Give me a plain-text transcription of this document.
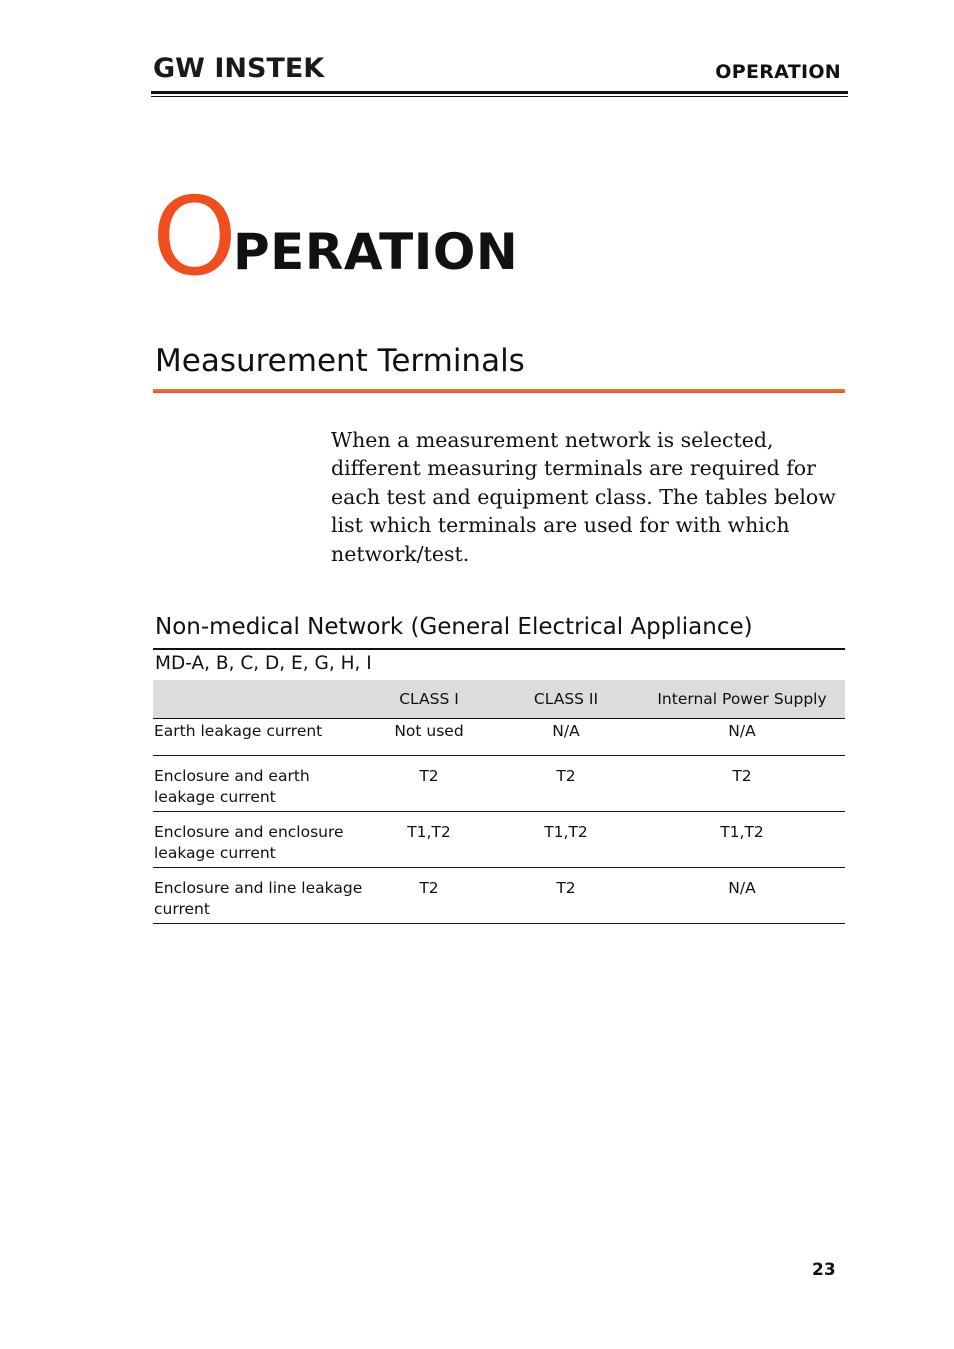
GW INSTEK	OPERATION
OPERATION
Measurement Terminals
When a measurement network is selected, different measuring terminals are required for each test and equipment class. The tables below list which terminals are used for with which network/test.
Non-medical Network (General Electrical Appliance)
MD-A, B, C, D, E, G, H, I
	CLASS I	CLASS II	Internal Power Supply
Earth leakage current	Not used	N/A	N/A
Enclosure and earth leakage current	T2	T2	T2
Enclosure and enclosure leakage current	T1,T2	T1,T2	T1,T2
Enclosure and line leakage current	T2	T2	N/A
23
